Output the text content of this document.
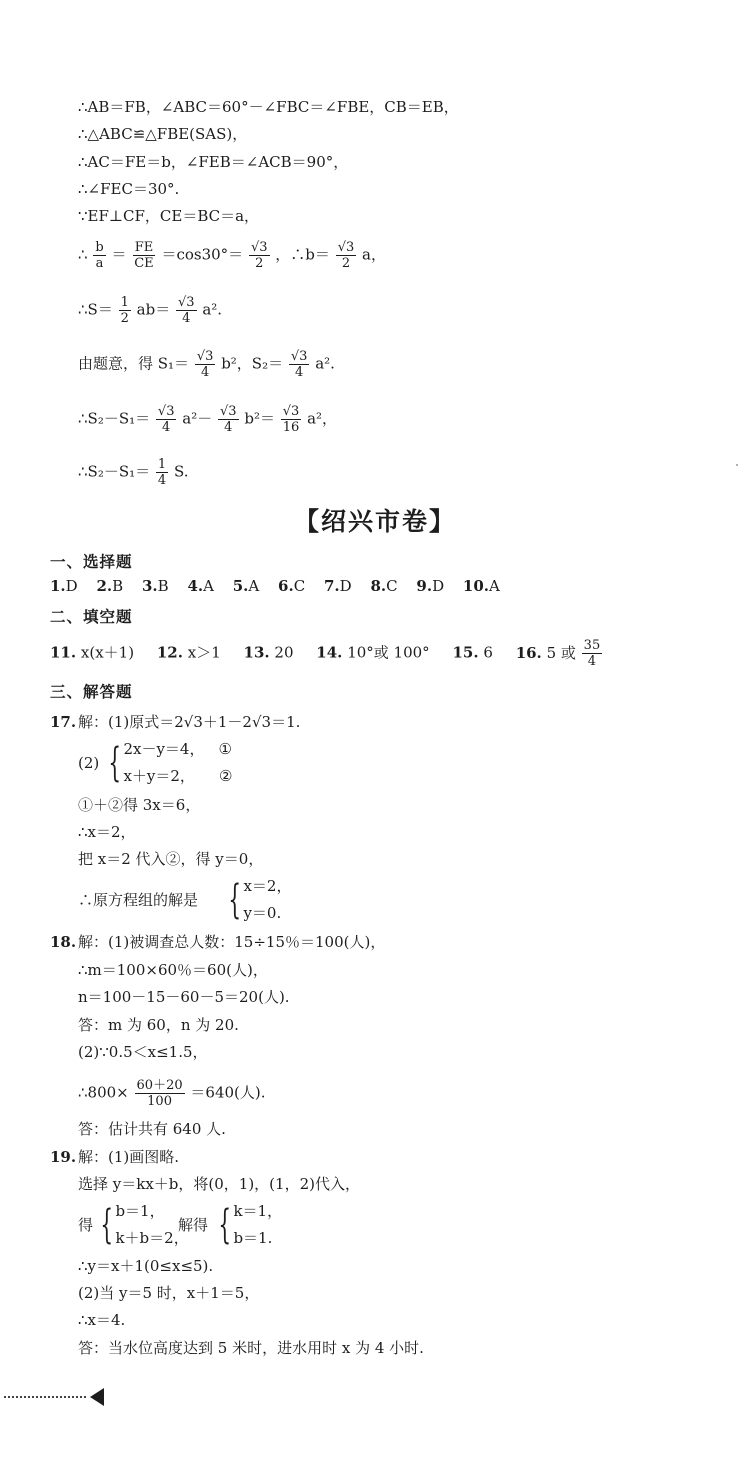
∴AB＝FB，∠ABC＝60°－∠FBC＝∠FBE，CB＝EB，
∴△ABC≌△FBE(SAS)，
∴AC＝FE＝b，∠FEB＝∠ACB＝90°，
∴∠FEC＝30°.
∵EF⊥CF，CE＝BC＝a，
∴ $\frac{b}{a} = \frac{FE}{CE} =\cos 30^\circ= \frac{√3}{2}$ ，∴b＝ $\frac{√3}{2}$ a，
∴S＝ $\frac{1}{2} ab= \frac{√3}{4} a^2$.
由题意，得 $S_1= \frac{√3}{4} b^2$，$S_2= \frac{√3}{4} a^2$.
∴S₂－S₁＝ $\frac{√3}{4} a^2- \frac{√3}{4} b^2= \frac{√3}{16} a^2$，
∴S₂－S₁＝ $\frac{1}{4} S$.
【绍兴市卷】
一、选择题
1.D 2.B 3.B 4.A 5.A 6.C 7.D 8.C 9.D 10.A
二、填空题
11. x(x＋1) 12. x＞1 13. 20 14. 10°或 100° 15. 6 16. 5 或 $\frac{35}{4}$
三、解答题
17. 解：(1)原式＝2√3＋1－2√3＝1.
(2) { 2x－y＝4， ①
x＋y＝2， ②
①＋②得 3x＝6，
∴x＝2，
把 x＝2 代入②，得 y＝0，
∴原方程组的解是 { x＝2，
y＝0.
18. 解：(1)被调查总人数：15÷15％＝100(人)，
∴m＝100×60％＝60(人)，
n＝100－15－60－5＝20(人).
答：m 为 60，n 为 20.
(2)∵0.5＜x≤1.5，
∴800× $\frac{60+20}{100} =640$(人).
答：估计共有 640 人.
19. 解：(1)画图略.
选择 y＝kx＋b，将(0，1)，(1，2)代入，
得 { b＝1，
k＋b＝2，
解得 { k＝1，
b＝1.
∴y＝x＋1(0≤x≤5).
(2)当 y＝5 时，x＋1＝5，
∴x＝4.
答：当水位高度达到 5 米时，进水用时 x 为 4 小时.
